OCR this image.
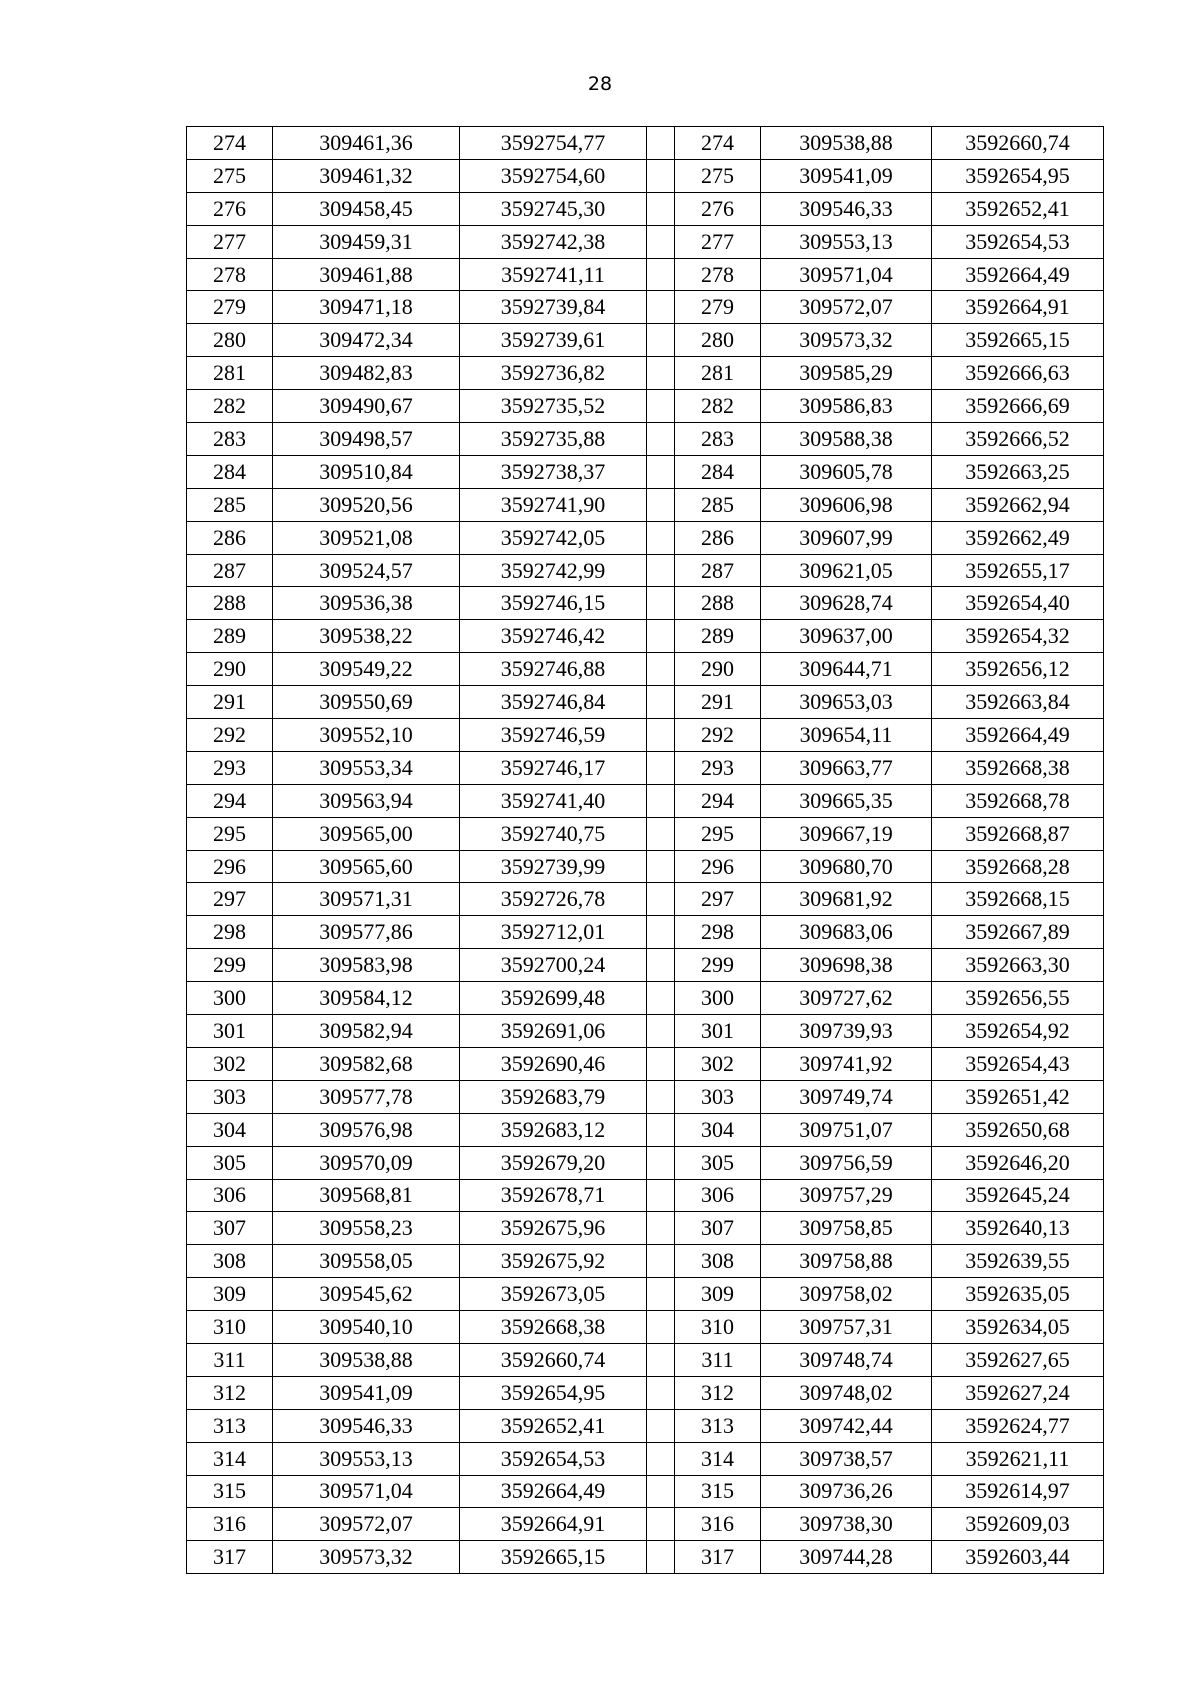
28
274	309461,36	3592754,77		274	309538,88	3592660,74
275	309461,32	3592754,60		275	309541,09	3592654,95
276	309458,45	3592745,30		276	309546,33	3592652,41
277	309459,31	3592742,38		277	309553,13	3592654,53
278	309461,88	3592741,11		278	309571,04	3592664,49
279	309471,18	3592739,84		279	309572,07	3592664,91
280	309472,34	3592739,61		280	309573,32	3592665,15
281	309482,83	3592736,82		281	309585,29	3592666,63
282	309490,67	3592735,52		282	309586,83	3592666,69
283	309498,57	3592735,88		283	309588,38	3592666,52
284	309510,84	3592738,37		284	309605,78	3592663,25
285	309520,56	3592741,90		285	309606,98	3592662,94
286	309521,08	3592742,05		286	309607,99	3592662,49
287	309524,57	3592742,99		287	309621,05	3592655,17
288	309536,38	3592746,15		288	309628,74	3592654,40
289	309538,22	3592746,42		289	309637,00	3592654,32
290	309549,22	3592746,88		290	309644,71	3592656,12
291	309550,69	3592746,84		291	309653,03	3592663,84
292	309552,10	3592746,59		292	309654,11	3592664,49
293	309553,34	3592746,17		293	309663,77	3592668,38
294	309563,94	3592741,40		294	309665,35	3592668,78
295	309565,00	3592740,75		295	309667,19	3592668,87
296	309565,60	3592739,99		296	309680,70	3592668,28
297	309571,31	3592726,78		297	309681,92	3592668,15
298	309577,86	3592712,01		298	309683,06	3592667,89
299	309583,98	3592700,24		299	309698,38	3592663,30
300	309584,12	3592699,48		300	309727,62	3592656,55
301	309582,94	3592691,06		301	309739,93	3592654,92
302	309582,68	3592690,46		302	309741,92	3592654,43
303	309577,78	3592683,79		303	309749,74	3592651,42
304	309576,98	3592683,12		304	309751,07	3592650,68
305	309570,09	3592679,20		305	309756,59	3592646,20
306	309568,81	3592678,71		306	309757,29	3592645,24
307	309558,23	3592675,96		307	309758,85	3592640,13
308	309558,05	3592675,92		308	309758,88	3592639,55
309	309545,62	3592673,05		309	309758,02	3592635,05
310	309540,10	3592668,38		310	309757,31	3592634,05
311	309538,88	3592660,74		311	309748,74	3592627,65
312	309541,09	3592654,95		312	309748,02	3592627,24
313	309546,33	3592652,41		313	309742,44	3592624,77
314	309553,13	3592654,53		314	309738,57	3592621,11
315	309571,04	3592664,49		315	309736,26	3592614,97
316	309572,07	3592664,91		316	309738,30	3592609,03
317	309573,32	3592665,15		317	309744,28	3592603,44
